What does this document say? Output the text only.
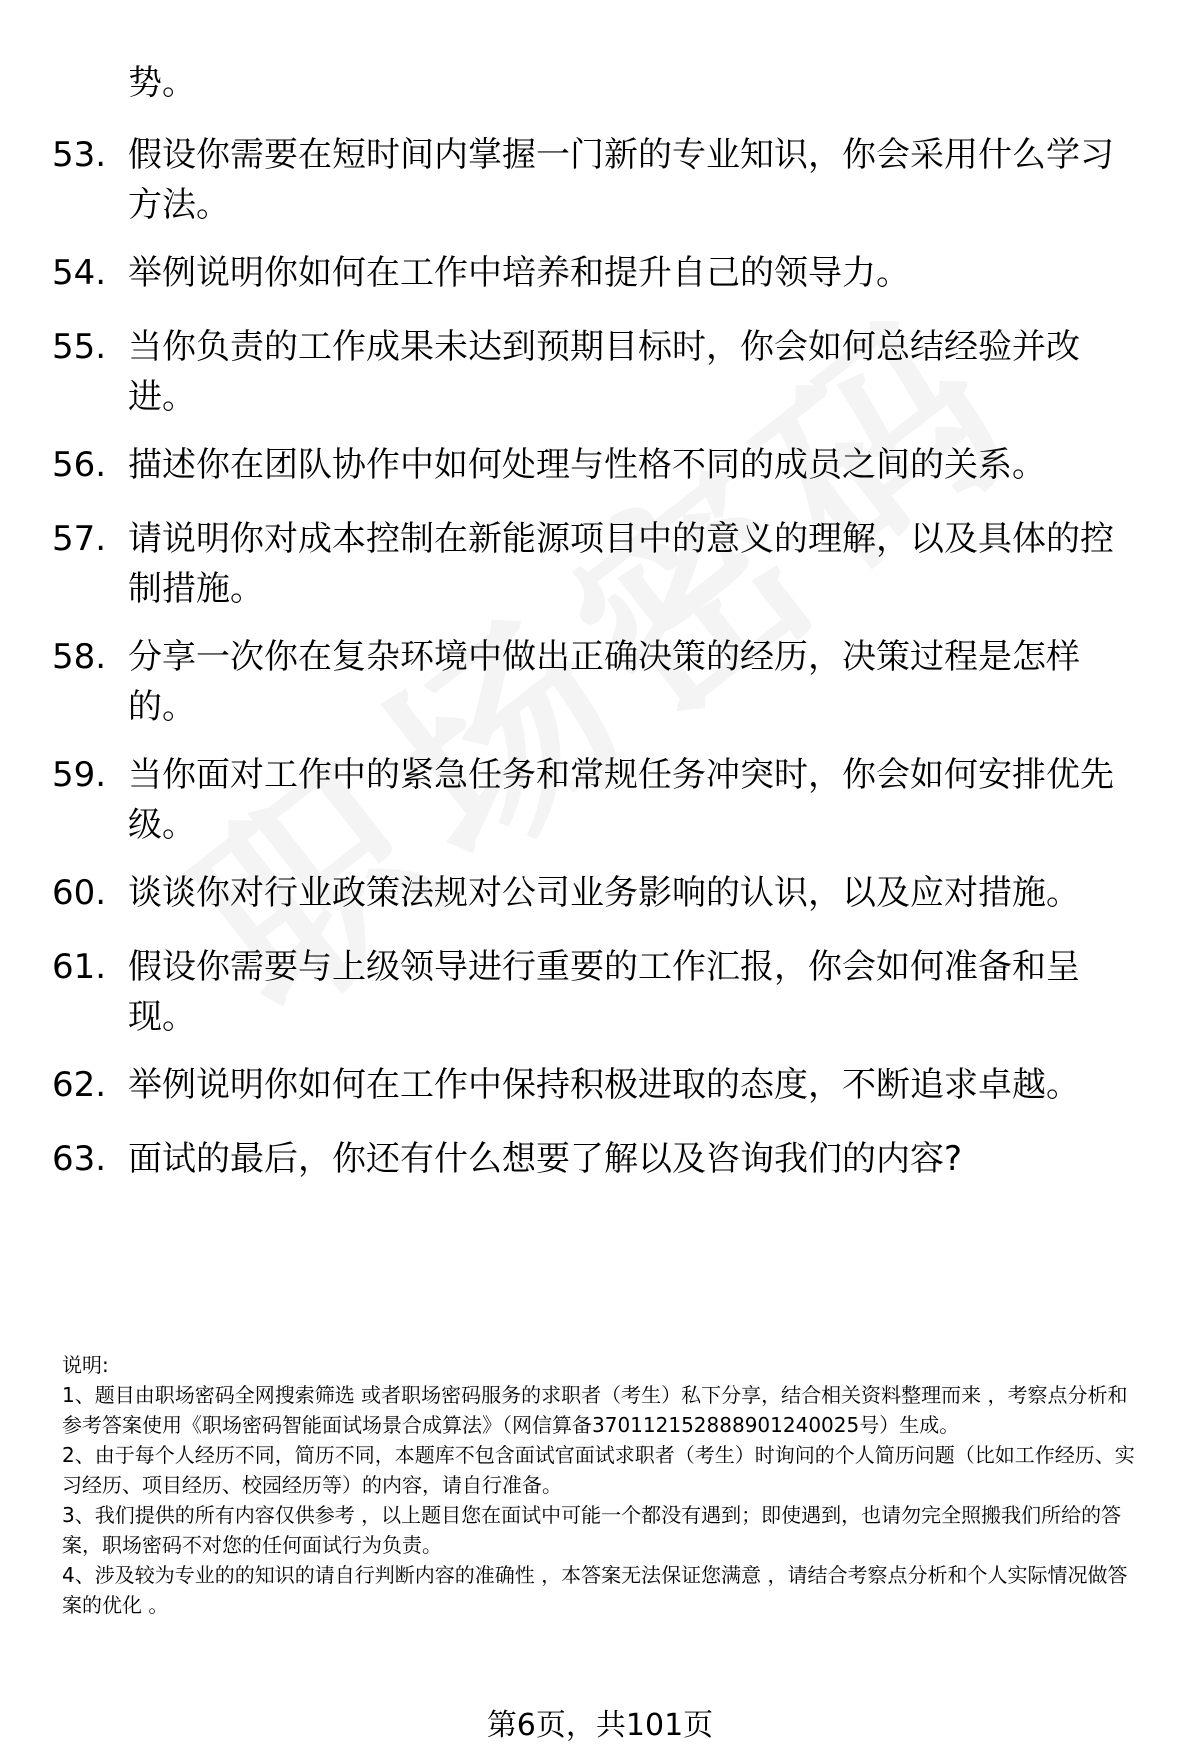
势。
53. 假设你需要在短时间内掌握一门新的专业知识，你会采用什么学习方法。
54. 举例说明你如何在工作中培养和提升自己的领导力。
55. 当你负责的工作成果未达到预期目标时，你会如何总结经验并改进。
56. 描述你在团队协作中如何处理与性格不同的成员之间的关系。
57. 请说明你对成本控制在新能源项目中的意义的理解，以及具体的控制措施。
58. 分享一次你在复杂环境中做出正确决策的经历，决策过程是怎样的。
59. 当你面对工作中的紧急任务和常规任务冲突时，你会如何安排优先级。
60. 谈谈你对行业政策法规对公司业务影响的认识，以及应对措施。
61. 假设你需要与上级领导进行重要的工作汇报，你会如何准备和呈现。
62. 举例说明你如何在工作中保持积极进取的态度，不断追求卓越。
63. 面试的最后，你还有什么想要了解以及咨询我们的内容?

说明:

1、题目由职场密码全网搜索筛选 或者职场密码服务的求职者（考生）私下分享，结合相关资料整理而来 ，考察点分析和参考答案使用《职场密码智能面试场景合成算法》（网信算备370112152888901240025号）生成。

2、由于每个人经历不同，简历不同，本题库不包含面试官面试求职者（考生）时询问的个人简历问题（比如工作经历、实习经历、项目经历、校园经历等）的内容，请自行准备。

3、我们提供的所有内容仅供参考 ，以上题目您在面试中可能一个都没有遇到；即使遇到，也请勿完全照搬我们所给的答案，职场密码不对您的任何面试行为负责。

4、涉及较为专业的的知识的请自行判断内容的准确性 ，本答案无法保证您满意 ，请结合考察点分析和个人实际情况做答案的优化 。

第6页，共101页
